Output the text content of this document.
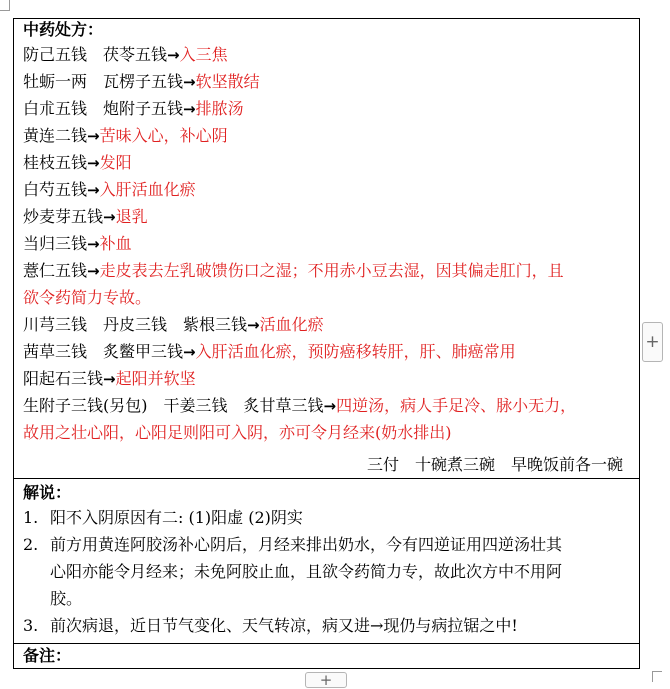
中药处方：
防己五钱　茯苓五钱→入三焦
牡蛎一两　瓦楞子五钱→软坚散结
白朮五钱　炮附子五钱→排脓汤
黄连二钱→苦味入心，补心阴
桂枝五钱→发阳
白芍五钱→入肝活血化瘀
炒麦芽五钱→退乳
当归三钱→补血
薏仁五钱→走皮表去左乳破馈伤口之湿；不用赤小豆去湿，因其偏走肛门，且
欲令药简力专故。
川芎三钱　丹皮三钱　紫根三钱→活血化瘀
茜草三钱　炙鳖甲三钱→入肝活血化瘀，预防癌移转肝，肝、肺癌常用
阳起石三钱→起阳并软坚
生附子三钱(另包)　干姜三钱　炙甘草三钱→四逆汤，病人手足冷、脉小无力，
故用之壮心阳，心阳足则阳可入阴，亦可令月经来(奶水排出)
三付　十碗煮三碗　早晚饭前各一碗
解说：
1. 阳不入阴原因有二: (1)阳虚 (2)阴实
2. 前方用黄连阿胶汤补心阴后，月经来排出奶水，今有四逆证用四逆汤壮其
心阳亦能令月经来；未免阿胶止血，且欲令药简力专，故此次方中不用阿
胶。
3. 前次病退，近日节气变化、天气转凉，病又进→现仍与病拉锯之中!
备注：
+
+
